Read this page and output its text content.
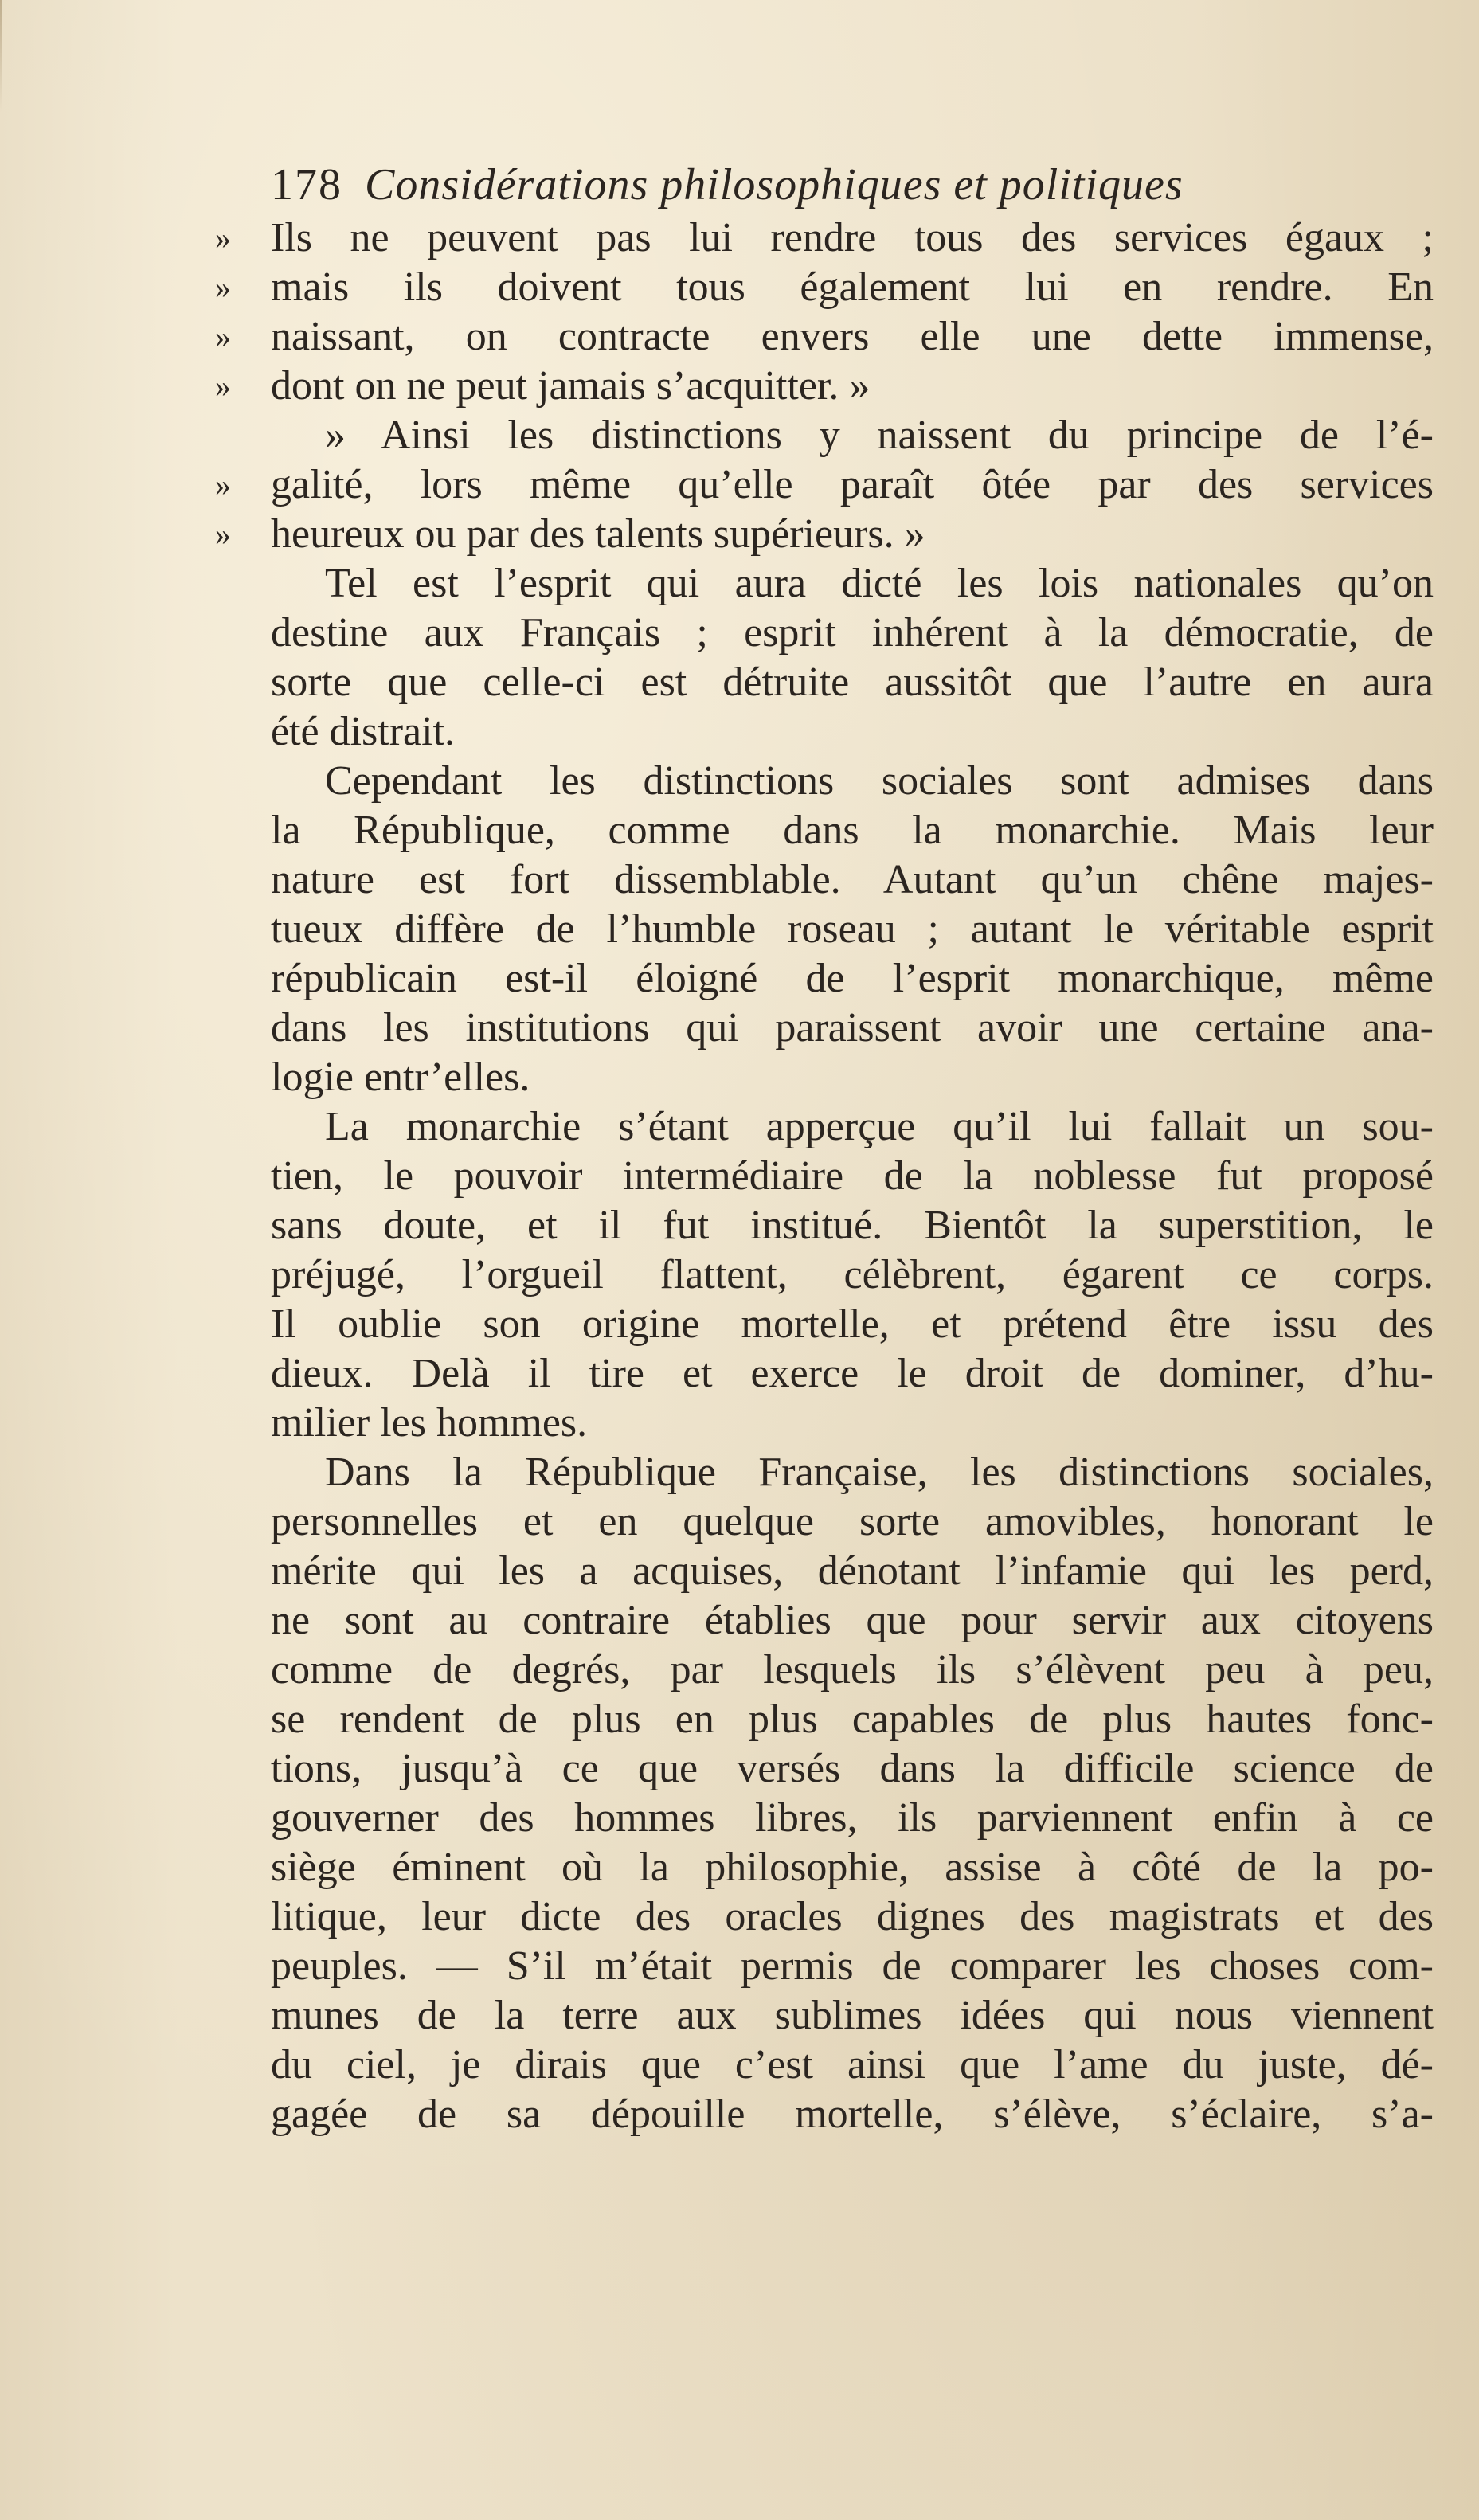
178 Considérations philosophiques et politiques
» Ils ne peuvent pas lui rendre tous des services égaux ;
» mais ils doivent tous également lui en rendre. En
» naissant, on contracte envers elle une dette immense,
» dont on ne peut jamais s’acquitter. »
» Ainsi les distinctions y naissent du principe de l’é-
» galité, lors même qu’elle paraît ôtée par des services
» heureux ou par des talents supérieurs. »
Tel est l’esprit qui aura dicté les lois nationales qu’on
destine aux Français ; esprit inhérent à la démocratie, de
sorte que celle-ci est détruite aussitôt que l’autre en aura
été distrait.
Cependant les distinctions sociales sont admises dans
la République, comme dans la monarchie. Mais leur
nature est fort dissemblable. Autant qu’un chêne majes-
tueux diffère de l’humble roseau ; autant le véritable esprit
républicain est-il éloigné de l’esprit monarchique, même
dans les institutions qui paraissent avoir une certaine ana-
logie entr’elles.
La monarchie s’étant apperçue qu’il lui fallait un sou-
tien, le pouvoir intermédiaire de la noblesse fut proposé
sans doute, et il fut institué. Bientôt la superstition, le
préjugé, l’orgueil flattent, célèbrent, égarent ce corps.
Il oublie son origine mortelle, et prétend être issu des
dieux. Delà il tire et exerce le droit de dominer, d’hu-
milier les hommes.
Dans la République Française, les distinctions sociales,
personnelles et en quelque sorte amovibles, honorant le
mérite qui les a acquises, dénotant l’infamie qui les perd,
ne sont au contraire établies que pour servir aux citoyens
comme de degrés, par lesquels ils s’élèvent peu à peu,
se rendent de plus en plus capables de plus hautes fonc-
tions, jusqu’à ce que versés dans la difficile science de
gouverner des hommes libres, ils parviennent enfin à ce
siège éminent où la philosophie, assise à côté de la po-
litique, leur dicte des oracles dignes des magistrats et des
peuples. — S’il m’était permis de comparer les choses com-
munes de la terre aux sublimes idées qui nous viennent
du ciel, je dirais que c’est ainsi que l’ame du juste, dé-
gagée de sa dépouille mortelle, s’élève, s’éclaire, s’a-
